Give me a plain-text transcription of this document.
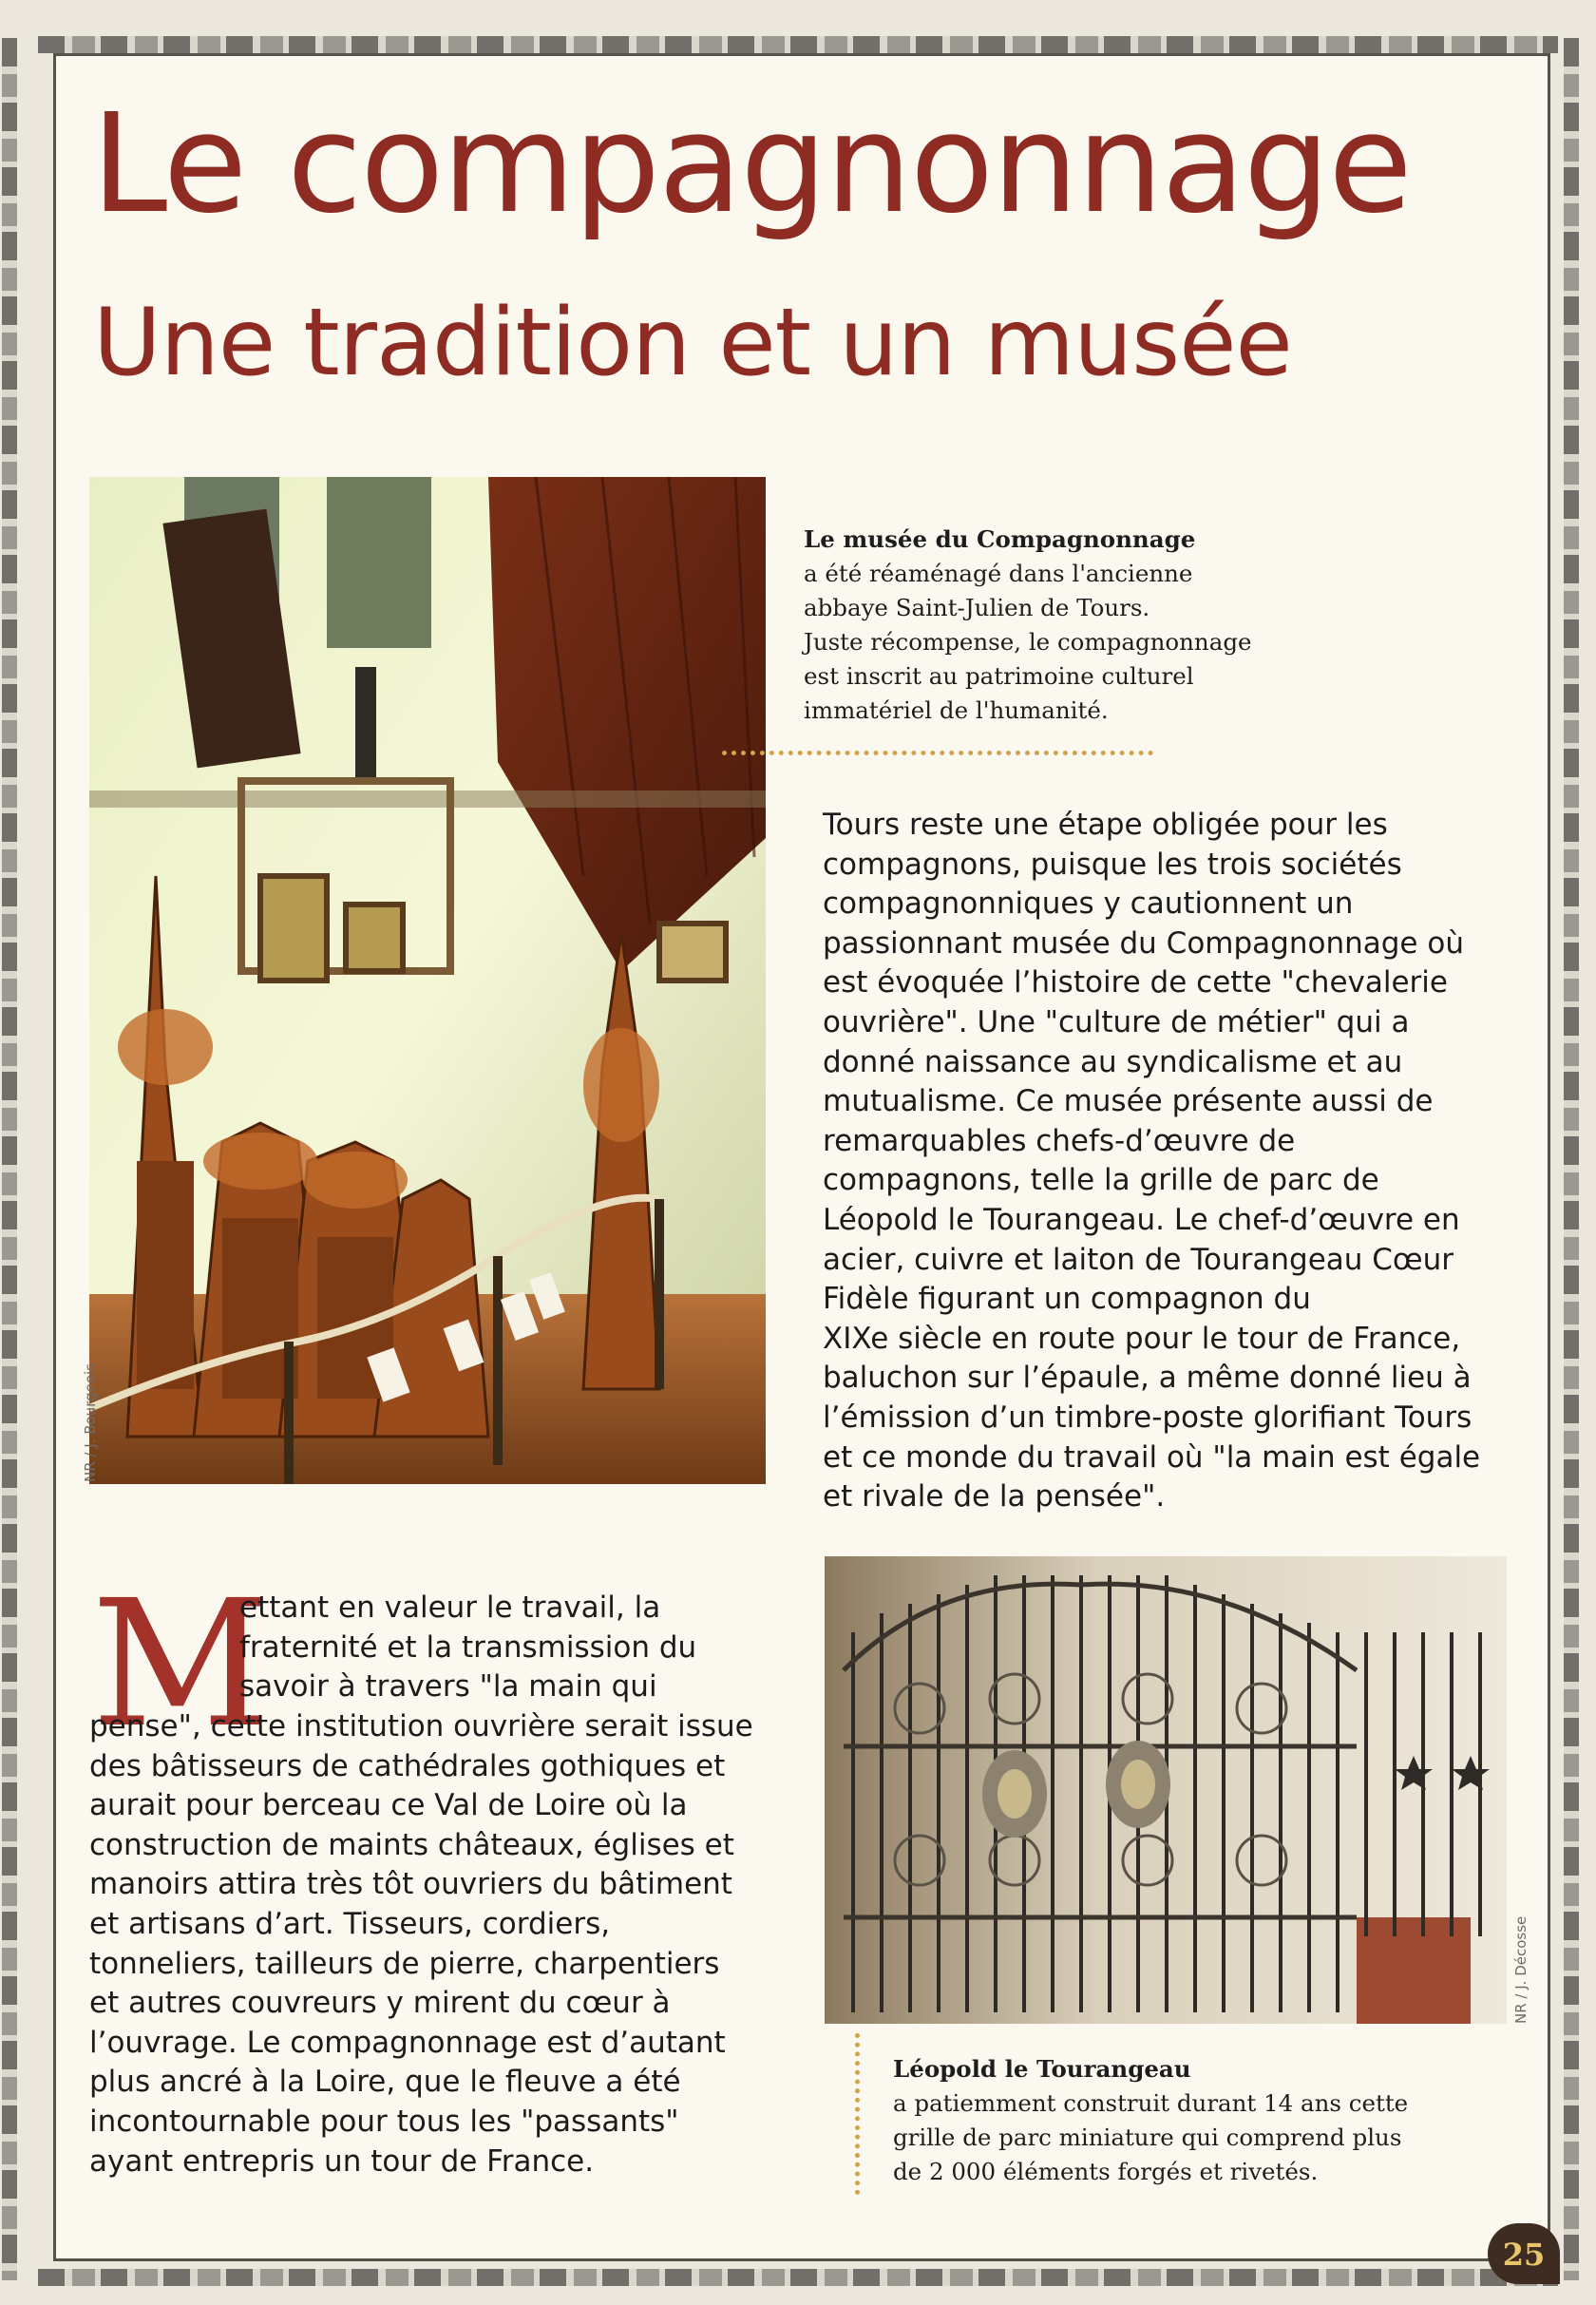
Le compagnonnage
Une tradition et un musée
NR / J. Bourgeois
Le musée du Compagnonnage
a été réaménagé dans l'ancienne
abbaye Saint-Julien de Tours.
Juste récompense, le compagnonnage
est inscrit au patrimoine culturel
immatériel de l'humanité.

Tours reste une étape obligée pour les

compagnons, puisque les trois sociétés

compagnonniques y cautionnent un

passionnant musée du Compagnonnage où

est évoquée l’histoire de cette "chevalerie

ouvrière". Une "culture de métier" qui a

donné naissance au syndicalisme et au

mutualisme. Ce musée présente aussi de

remarquables chefs-d’œuvre de

compagnons, telle la grille de parc de

Léopold le Tourangeau. Le chef-d’œuvre en

acier, cuivre et laiton de Tourangeau Cœur

Fidèle figurant un compagnon du

XIXe siècle en route pour le tour de France,

baluchon sur l’épaule, a même donné lieu à

l’émission d’un timbre-poste glorifiant Tours

et ce monde du travail où "la main est égale

et rivale de la pensée".

M

ettant en valeur le travail, la

fraternité et la transmission du

savoir à travers "la main qui

pense", cette institution ouvrière serait issue

des bâtisseurs de cathédrales gothiques et

aurait pour berceau ce Val de Loire où la

construction de maints châteaux, églises et

manoirs attira très tôt ouvriers du bâtiment

et artisans d’art. Tisseurs, cordiers,

tonneliers, tailleurs de pierre, charpentiers

et autres couvreurs y mirent du cœur à

l’ouvrage. Le compagnonnage est d’autant

plus ancré à la Loire, que le fleuve a été

incontournable pour tous les "passants"

ayant entrepris un tour de France.

NR / J. Décosse
Léopold le Tourangeau
a patiemment construit durant 14 ans cette
grille de parc miniature qui comprend plus
de 2 000 éléments forgés et rivetés.
25
